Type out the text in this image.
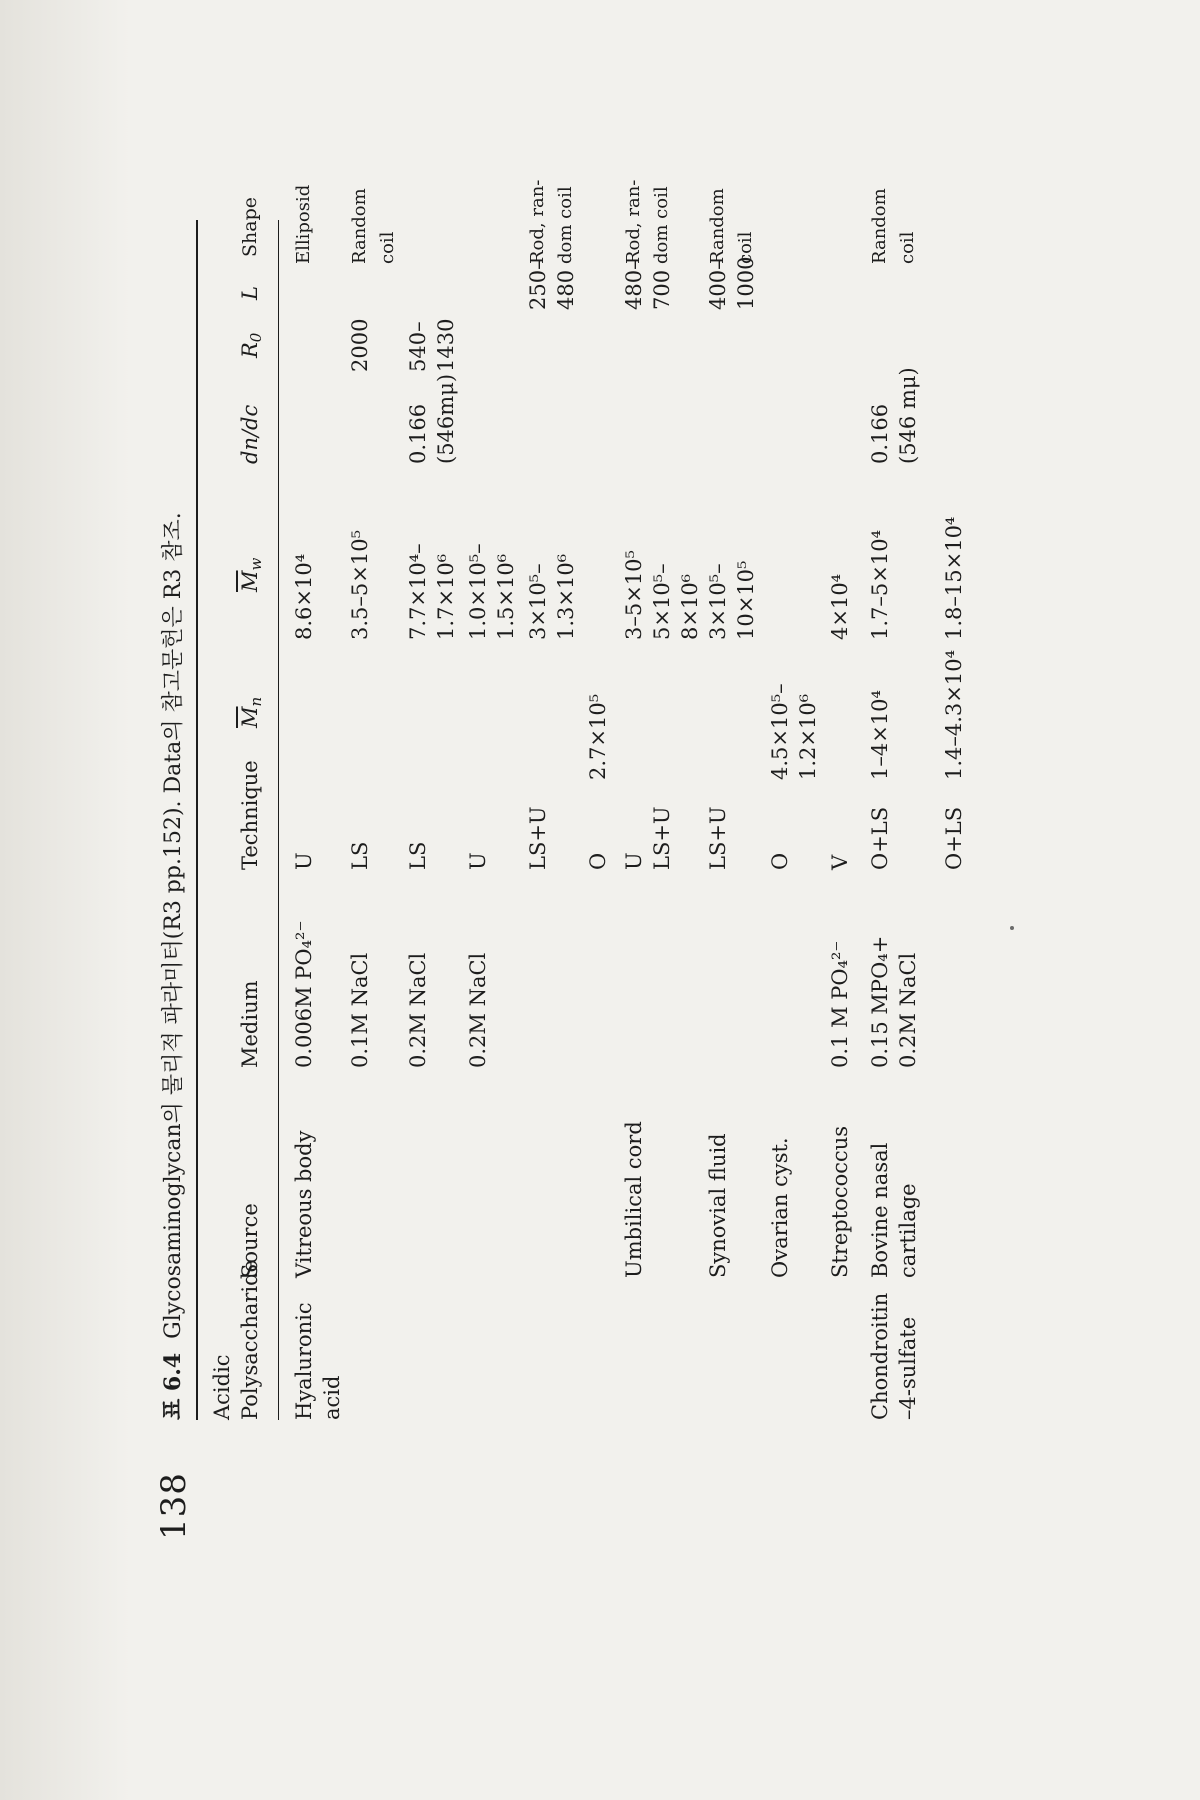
138
표 6.4Glycosaminoglycan의 물리적 파라미터(R3 pp.152). Data의 참고문헌은 R3 참조.
Acidic Polysaccharide
Source
Medium
Technique
$\overline{M}_n$
$\overline{M}_w$
dn/dc
$R_0$
L
Shape
Hyaluronic acid
Vitreous body
0.006M PO₄²⁻
U
8.6×10⁴
Elliposid
0.1M NaCl
LS
3.5–5×10⁵
2000
Random coil
0.2M NaCl
LS
7.7×10⁴– 1.7×10⁶
0.166 (546mμ)
540– 1430
0.2M NaCl
U
1.0×10⁵– 1.5×10⁶
LS+U
3×10⁵– 1.3×10⁶
250– 480
Rod, ran- dom coil
O
2.7×10⁵
Umbilical cord
U LS+U
3–5×10⁵ 5×10⁵– 8×10⁶
480– 700
Rod, ran- dom coil
Synovial fluid
LS+U
3×10⁵– 10×10⁵
400– 1000
Random coil
Ovarian cyst.
O
4.5×10⁵– 1.2×10⁶
Streptococcus
0.1 M PO₄²⁻
V
4×10⁴
Chondroitin –4-sulfate
Bovine nasal cartilage
0.15 MPO₄+ 0.2M NaCl
O+LS
1–4×10⁴
1.7–5×10⁴
0.166 (546 mμ)
Random coil
O+LS
1.4–4.3×10⁴
1.8–15×10⁴
